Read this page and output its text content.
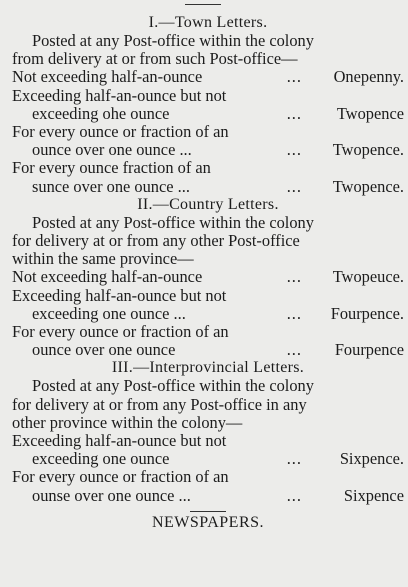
I.—Town Letters.

Posted at any Post-office within the colony
from delivery at or from such Post-office—

Not exceeding half-an-ounce	...	Onepenny.

Exceeding half-an-ounce but not

exceeding ohe ounce	...	Twopence

For every ounce or fraction of an

ounce over one ounce ...	...	Twopence.

For every ounce fraction of an

sunce over one ounce ...	...	Twopence.

II.—Country Letters.

Posted at any Post-office within the colony
for delivery at or from any other Post-office
within the same province—

Not exceeding half-an-ounce	...	Twopeuce.

Exceeding half-an-ounce but not

exceeding one ounce ...	...	Fourpence.

For every ounce or fraction of an

ounce over one ounce	...	Fourpence

III.—Interprovincial Letters.

Posted at any Post-office within the colony
for delivery at or from any Post-office in any
other province within the colony—

Exceeding half-an-ounce but not

exceeding one ounce	...	Sixpence.

For every ounce or fraction of an

ounse over one ounce ...	...	Sixpence

NEWSPAPERS.
